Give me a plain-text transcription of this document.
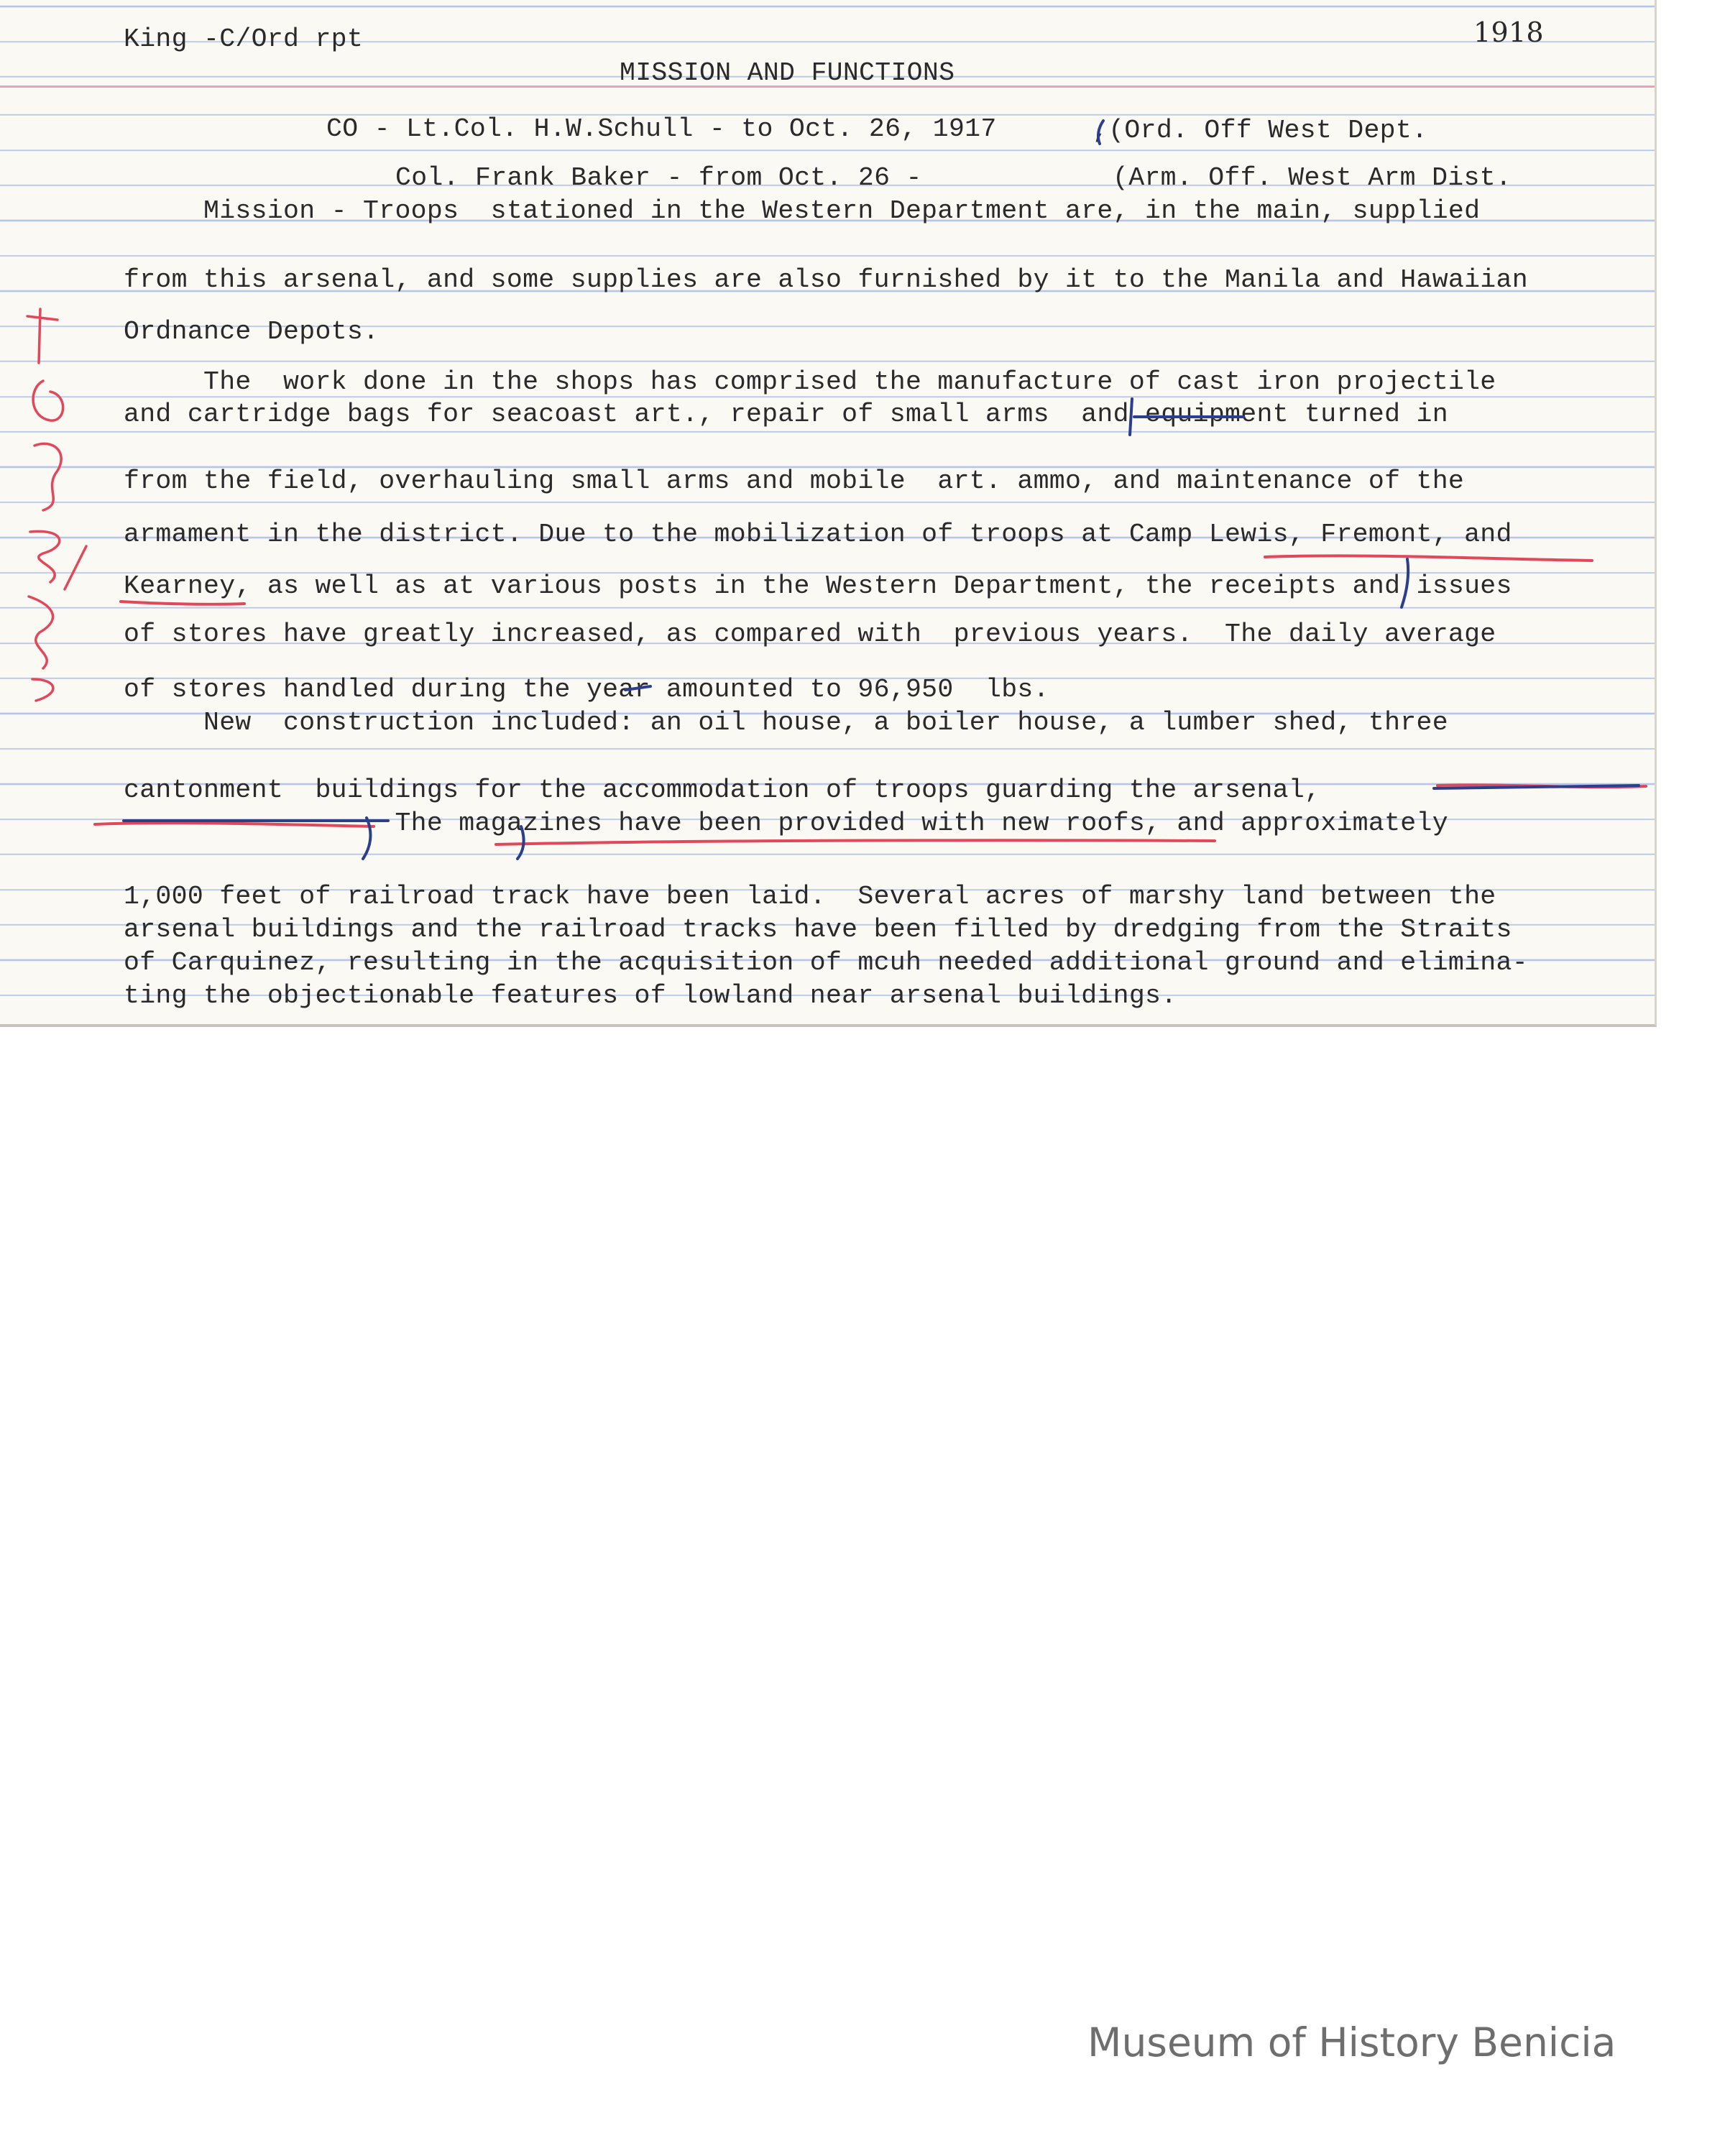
King -C/Ord rpt	1918
MISSION AND FUNCTIONS
CO - Lt.Col. H.W.Schull - to Oct. 26, 1917	,(Ord. Off West Dept.
Col. Frank Baker - from Oct. 26 -	(Arm. Off. West Arm Dist.
Mission - Troops  stationed in the Western Department are, in the main, supplied
from this arsenal, and some supplies are also furnished by it to the Manila and Hawaiian
Ordnance Depots.
The  work done in the shops has comprised the manufacture of cast iron projectile
and cartridge bags for seacoast art., repair of small arms  and equipment turned in
from the field, overhauling small arms and mobile  art. ammo, and maintenance of the
armament in the district. Due to the mobilization of troops at Camp Lewis, Fremont, and
Kearney, as well as at various posts in the Western Department, the receipts and issues
of stores have greatly increased, as compared with  previous years.  The daily average
of stores handled during the year amounted to 96,950  lbs.
New  construction included: an oil house, a boiler house, a lumber shed, three
cantonment  buildings for the accommodation of troops guarding the arsenal,
The magazines have been provided with new roofs, and approximately
1,000 feet of railroad track have been laid.  Several acres of marshy land between the
arsenal buildings and the railroad tracks have been filled by dredging from the Straits
of Carquinez, resulting in the acquisition of mcuh needed additional ground and elimina-
ting the objectionable features of lowland near arsenal buildings.
Museum of History Benicia
